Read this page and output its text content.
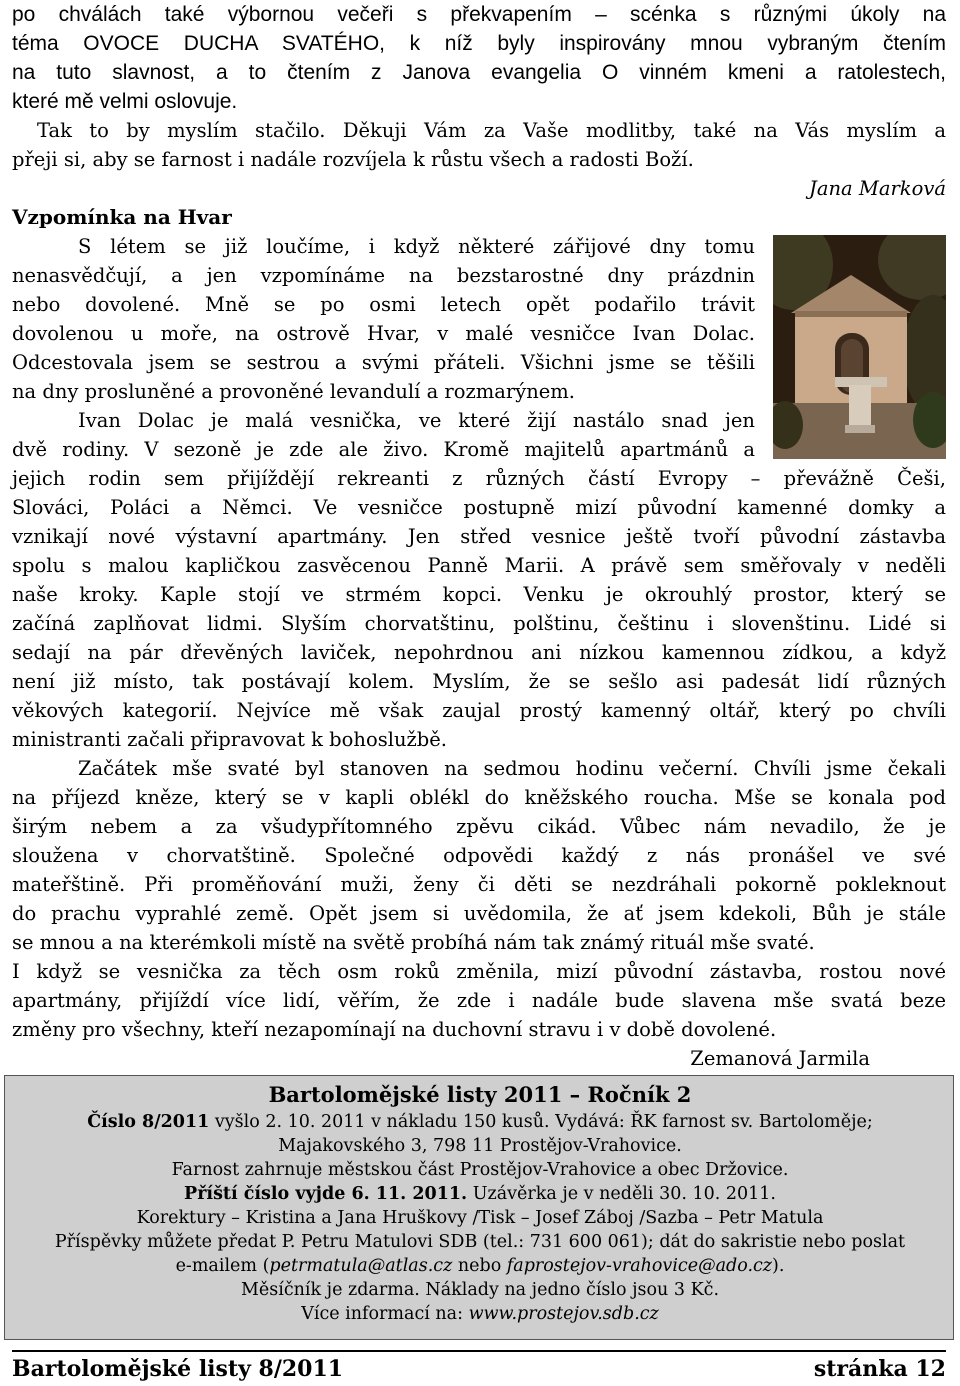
po chválách také výbornou večeři s překvapením – scénka s různými úkoly na
téma OVOCE DUCHA SVATÉHO, k níž byly inspirovány mnou vybraným čtením
na tuto slavnost, a to čtením z Janova evangelia O vinném kmeni a ratolestech,
které mě velmi oslovuje.
Tak to by myslím stačilo. Děkuji Vám za Vaše modlitby, také na Vás myslím a
přeji si, aby se farnost i nadále rozvíjela k růstu všech a radosti Boží.
Jana Marková
Vzpomínka na Hvar
S létem se již loučíme, i když některé zářijové dny tomu
nenasvědčují, a jen vzpomínáme na bezstarostné dny prázdnin
nebo dovolené. Mně se po osmi letech opět podařilo trávit
dovolenou u moře, na ostrově Hvar, v malé vesničce Ivan Dolac.
Odcestovala jsem se sestrou a svými přáteli. Všichni jsme se těšili
na dny prosluněné a provoněné levandulí a rozmarýnem.
Ivan Dolac je malá vesnička, ve které žijí nastálo snad jen
dvě rodiny. V sezoně je zde ale živo. Kromě majitelů apartmánů a
jejich rodin sem přijíždějí rekreanti z různých částí Evropy – převážně Češi,
Slováci, Poláci a Němci. Ve vesničce postupně mizí původní kamenné domky a
vznikají nové výstavní apartmány. Jen střed vesnice ještě tvoří původní zástavba
spolu s malou kapličkou zasvěcenou Panně Marii. A právě sem směřovaly v neděli
naše kroky. Kaple stojí ve strmém kopci. Venku je okrouhlý prostor, který se
začíná zaplňovat lidmi. Slyším chorvatštinu, polštinu, češtinu i slovenštinu. Lidé si
sedají na pár dřevěných laviček, nepohrdnou ani nízkou kamennou zídkou, a když
není již místo, tak postávají kolem. Myslím, že se sešlo asi padesát lidí různých
věkových kategorií. Nejvíce mě však zaujal prostý kamenný oltář, který po chvíli
ministranti začali připravovat k bohoslužbě.
Začátek mše svaté byl stanoven na sedmou hodinu večerní. Chvíli jsme čekali
na příjezd kněze, který se v kapli oblékl do kněžského roucha. Mše se konala pod
širým nebem a za všudypřítomného zpěvu cikád. Vůbec nám nevadilo, že je
sloužena v chorvatštině. Společné odpovědi každý z nás pronášel ve své
mateřštině. Při proměňování muži, ženy či děti se nezdráhali pokorně pokleknout
do prachu vyprahlé země. Opět jsem si uvědomila, že ať jsem kdekoli, Bůh je stále
se mnou a na kterémkoli místě na světě probíhá nám tak známý rituál mše svaté.
I když se vesnička za těch osm roků změnila, mizí původní zástavba, rostou nové
apartmány, přijíždí více lidí, věřím, že zde i nadále bude slavena mše svatá beze
změny pro všechny, kteří nezapomínají na duchovní stravu i v době dovolené.
Zemanová Jarmila
Bartolomějské listy 2011 – Ročník 2
Číslo 8/2011 vyšlo 2. 10. 2011 v nákladu 150 kusů. Vydává: ŘK farnost sv. Bartoloměje;
Majakovského 3, 798 11 Prostějov-Vrahovice.
Farnost zahrnuje městskou část Prostějov-Vrahovice a obec Držovice.
Příští číslo vyjde 6. 11. 2011. Uzávěrka je v neděli 30. 10. 2011.
Korektury – Kristina a Jana Hruškovy /Tisk – Josef Záboj /Sazba – Petr Matula
Příspěvky můžete předat P. Petru Matulovi SDB (tel.: 731 600 061); dát do sakristie nebo poslat
e-mailem (petrmatula@atlas.cz nebo faprostejov-vrahovice@ado.cz).
Měsíčník je zdarma. Náklady na jedno číslo jsou 3 Kč.
Více informací na: www.prostejov.sdb.cz
Bartolomějské listy 8/2011	stránka 12
